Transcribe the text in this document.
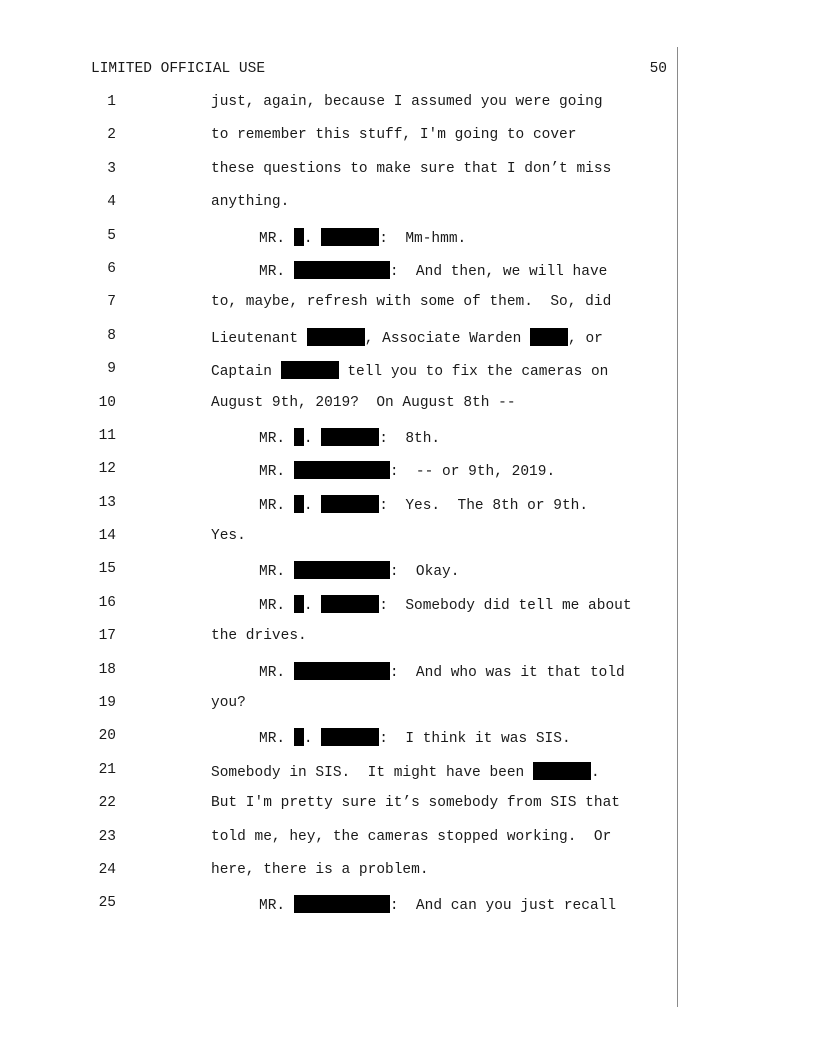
LIMITED OFFICIAL USE	50

1

	just, again, because I assumed you were going

2

	to remember this stuff, I'm going to cover

3

	these questions to make sure that I don’t miss

4

	anything.

5

	MR. .	:  Mm-hmm.

6

	MR.	:  And then, we will have

7

	to, maybe, refresh with some of them.  So, did

8

	Lieutenant	, Associate Warden	, or

9

	Captain	tell you to fix the cameras on

10

	August 9th, 2019?  On August 8th --

11

	MR. .	:  8th.

12

	MR.	:  -- or 9th, 2019.

13

	MR. .	:  Yes.  The 8th or 9th.

14

	Yes.

15

	MR.	:  Okay.

16

	MR. .	:  Somebody did tell me about

17

	the drives.

18

	MR.	:  And who was it that told

19

	you?

20

	MR. .	:  I think it was SIS.

21

	Somebody in SIS.  It might have been	.

22

	But I'm pretty sure it’s somebody from SIS that

23

	told me, hey, the cameras stopped working.  Or

24

	here, there is a problem.

25

	MR.	:  And can you just recall
